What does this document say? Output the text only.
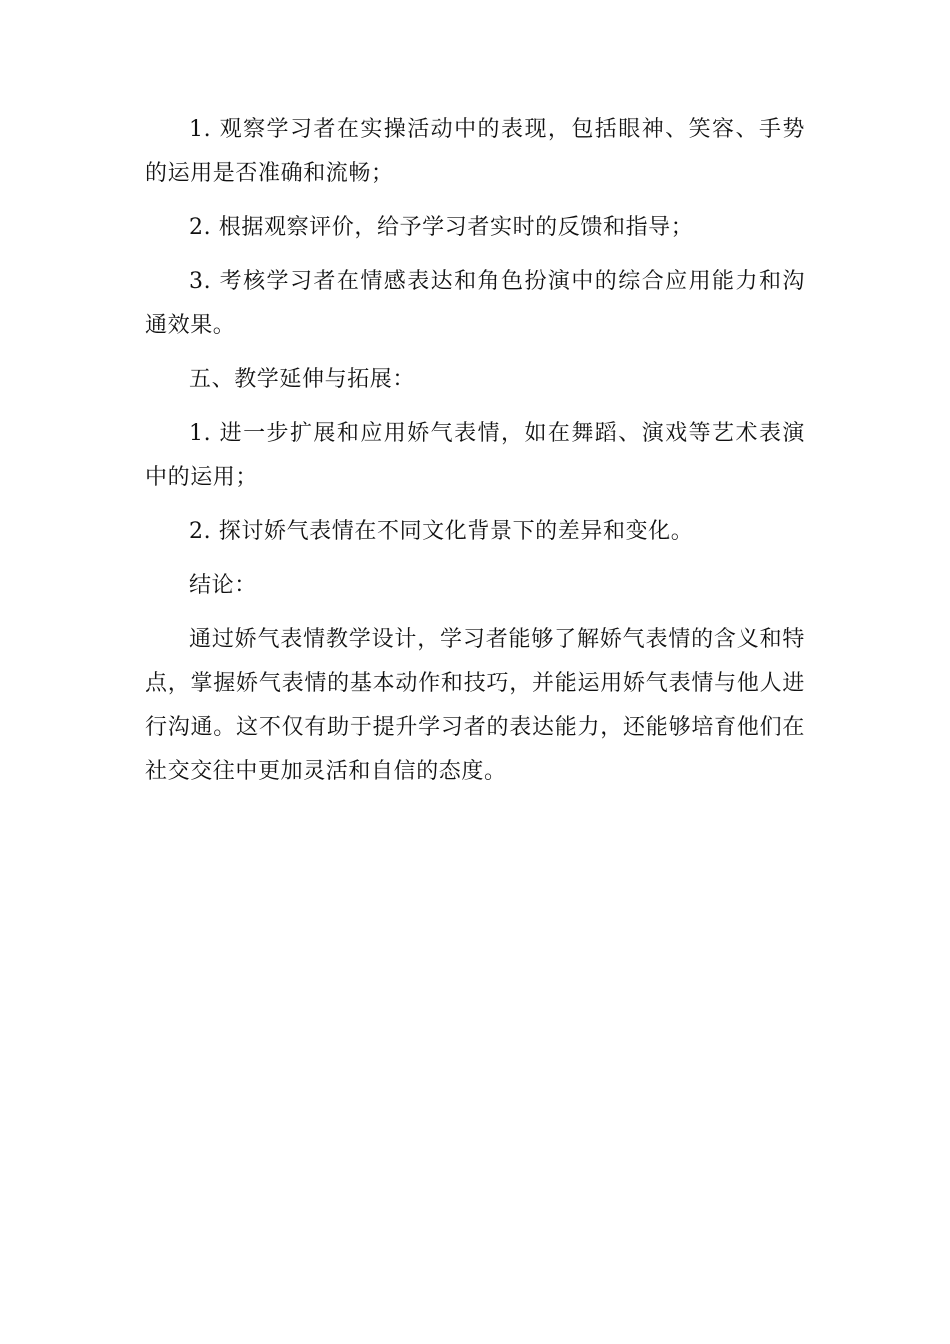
1. 观察学习者在实操活动中的表现，包括眼神、笑容、手势的运用是否准确和流畅；

2. 根据观察评价，给予学习者实时的反馈和指导；

3. 考核学习者在情感表达和角色扮演中的综合应用能力和沟通效果。

五、教学延伸与拓展：

1. 进一步扩展和应用娇气表情，如在舞蹈、演戏等艺术表演中的运用；

2. 探讨娇气表情在不同文化背景下的差异和变化。

结论：

通过娇气表情教学设计，学习者能够了解娇气表情的含义和特点，掌握娇气表情的基本动作和技巧，并能运用娇气表情与他人进行沟通。这不仅有助于提升学习者的表达能力，还能够培育他们在社交交往中更加灵活和自信的态度。
